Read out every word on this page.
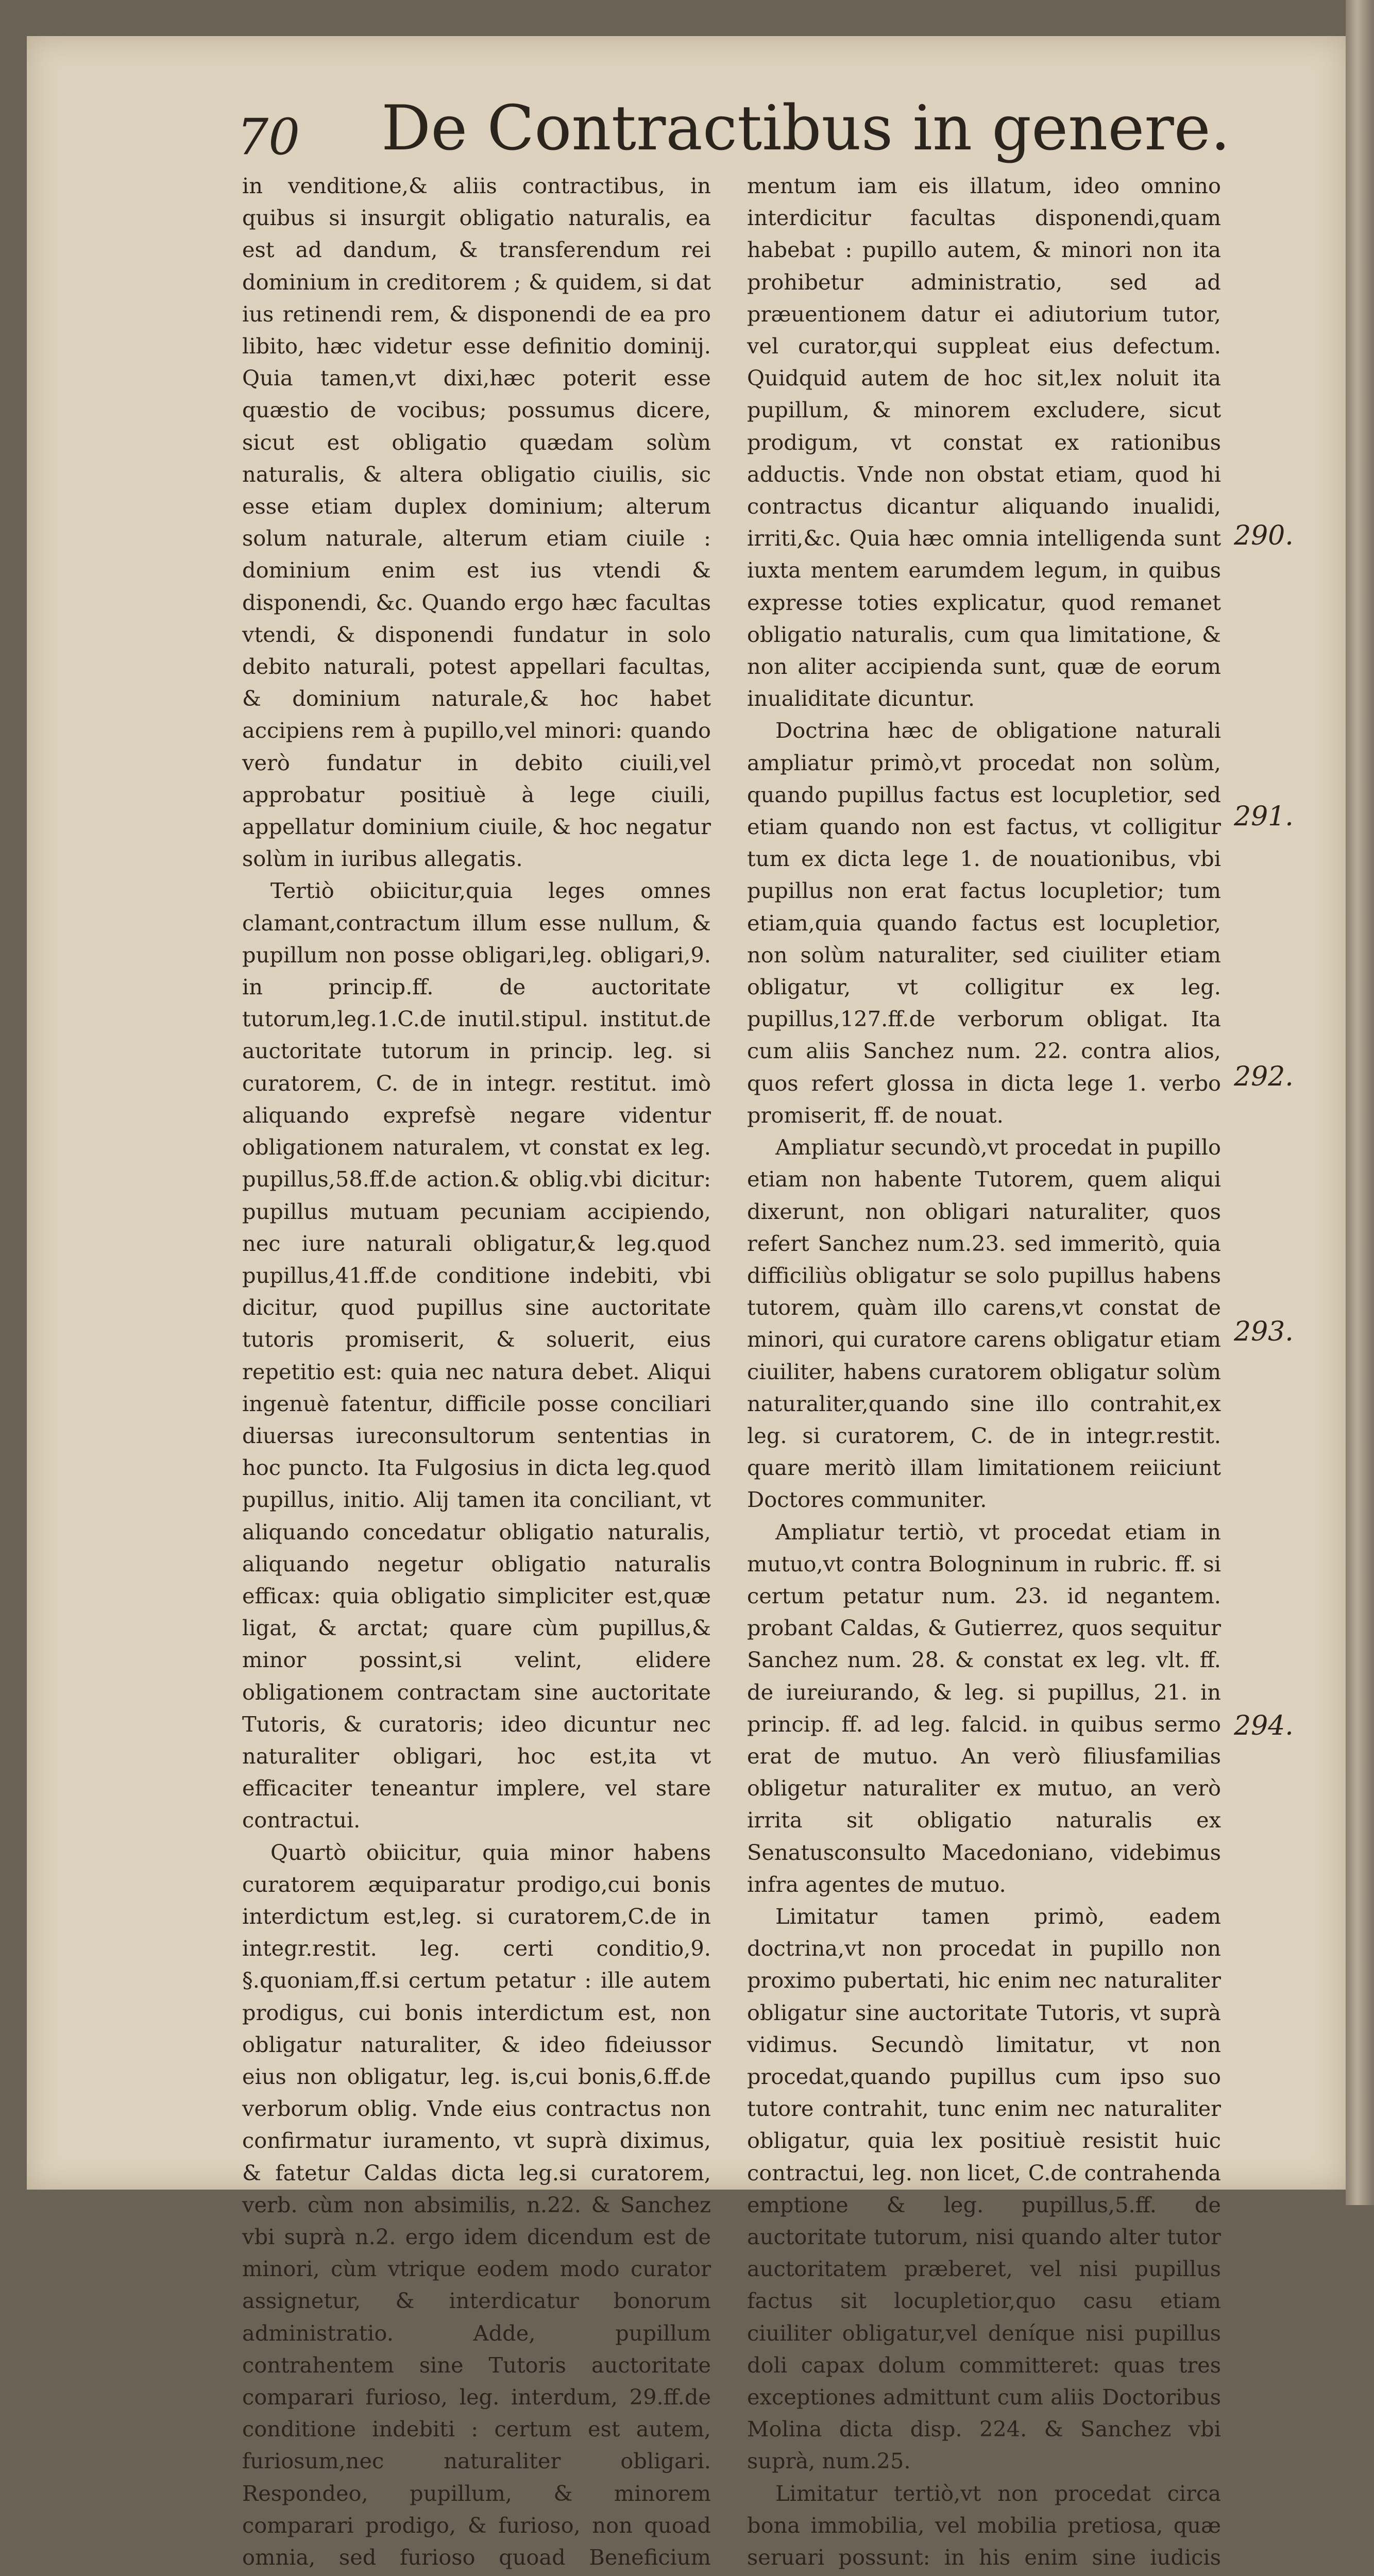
70 De Contractibus in genere.

in venditione,& aliis contractibus, in quibus si insurgit obligatio naturalis, ea est ad dandum, & transferendum rei dominium in creditorem ; & quidem, si dat ius retinendi rem, & disponendi de ea pro libito, hæc videtur esse definitio dominij. Quia tamen,vt dixi,hæc poterit esse quæstio de vocibus; possumus dicere, sicut est obligatio quædam solùm naturalis, & altera obligatio ciuilis, sic esse etiam duplex dominium; alterum solum naturale, alterum etiam ciuile : dominium enim est ius vtendi & disponendi, &c. Quando ergo hæc facultas vtendi, & disponendi fundatur in solo debito naturali, potest appellari facultas, & dominium naturale,& hoc habet accipiens rem à pupillo,vel minori: quando verò fundatur in debito ciuili,vel approbatur positiuè à lege ciuili, appellatur dominium ciuile, & hoc negatur solùm in iuribus allegatis.

Tertiò obiicitur,quia leges omnes clamant,contractum illum esse nullum, & pupillum non posse obligari,leg. obligari,9. in princip.ff. de auctoritate tutorum,leg.1.C.de inutil.stipul. institut.de auctoritate tutorum in princip. leg. si curatorem, C. de in integr. restitut. imò aliquando exprefsè negare videntur obligationem naturalem, vt constat ex leg. pupillus,58.ff.de action.& oblig.vbi dicitur: pupillus mutuam pecuniam accipiendo, nec iure naturali obligatur,& leg.quod pupillus,41.ff.de conditione indebiti, vbi dicitur, quod pupillus sine auctoritate tutoris promiserit, & soluerit, eius repetitio est: quia nec natura debet. Aliqui ingenuè fatentur, difficile posse conciliari diuersas iureconsultorum sententias in hoc puncto. Ita Fulgosius in dicta leg.quod pupillus, initio. Alij tamen ita conciliant, vt aliquando concedatur obligatio naturalis, aliquando negetur obligatio naturalis efficax: quia obligatio simpliciter est,quæ ligat, & arctat; quare cùm pupillus,& minor possint,si velint, elidere obligationem contractam sine auctoritate Tutoris, & curatoris; ideo dicuntur nec naturaliter obligari, hoc est,ita vt efficaciter teneantur implere, vel stare contractui.

Quartò obiicitur, quia minor habens curatorem æquiparatur prodigo,cui bonis interdictum est,leg. si curatorem,C.de in integr.restit. leg. certi conditio,9. §.quoniam,ff.si certum petatur : ille autem prodigus, cui bonis interdictum est, non obligatur naturaliter, & ideo fideiussor eius non obligatur, leg. is,cui bonis,6.ff.de verborum oblig. Vnde eius contractus non confirmatur iuramento, vt suprà diximus, & fatetur Caldas dicta leg.si curatorem, verb. cùm non absimilis, n.22. & Sanchez vbi suprà n.2. ergo idem dicendum est de minori, cùm vtrique eodem modo curator assignetur, & interdicatur bonorum administratio. Adde, pupillum contrahentem sine Tutoris auctoritate comparari furioso, leg. interdum, 29.ff.de conditione indebiti : certum est autem, furiosum,nec naturaliter obligari. Respondeo, pupillum, & minorem comparari prodigo, & furioso, non quoad omnia, sed furioso quoad Beneficium

mentum iam eis illatum, ideo omnino interdicitur facultas disponendi,quam habebat : pupillo autem, & minori non ita prohibetur administratio, sed ad præuentionem datur ei adiutorium tutor, vel curator,qui suppleat eius defectum. Quidquid autem de hoc sit,lex noluit ita pupillum, & minorem excludere, sicut prodigum, vt constat ex rationibus adductis. Vnde non obstat etiam, quod hi contractus dicantur aliquando inualidi, irriti,&c. Quia hæc omnia intelligenda sunt iuxta mentem earumdem legum, in quibus expresse toties explicatur, quod remanet obligatio naturalis, cum qua limitatione, & non aliter accipienda sunt, quæ de eorum inualiditate dicuntur.

Doctrina hæc de obligatione naturali ampliatur primò,vt procedat non solùm, quando pupillus factus est locupletior, sed etiam quando non est factus, vt colligitur tum ex dicta lege 1. de nouationibus, vbi pupillus non erat factus locupletior; tum etiam,quia quando factus est locupletior, non solùm naturaliter, sed ciuiliter etiam obligatur, vt colligitur ex leg. pupillus,127.ff.de verborum obligat. Ita cum aliis Sanchez num. 22. contra alios, quos refert glossa in dicta lege 1. verbo promiserit, ff. de nouat.

Ampliatur secundò,vt procedat in pupillo etiam non habente Tutorem, quem aliqui dixerunt, non obligari naturaliter, quos refert Sanchez num.23. sed immeritò, quia difficiliùs obligatur se solo pupillus habens tutorem, quàm illo carens,vt constat de minori, qui curatore carens obligatur etiam ciuiliter, habens curatorem obligatur solùm naturaliter,quando sine illo contrahit,ex leg. si curatorem, C. de in integr.restit. quare meritò illam limitationem reiiciunt Doctores communiter.

Ampliatur tertiò, vt procedat etiam in mutuo,vt contra Bologninum in rubric. ff. si certum petatur num. 23. id negantem. probant Caldas, & Gutierrez, quos sequitur Sanchez num. 28. & constat ex leg. vlt. ff. de iureiurando, & leg. si pupillus, 21. in princip. ff. ad leg. falcid. in quibus sermo erat de mutuo. An verò filiusfamilias obligetur naturaliter ex mutuo, an verò irrita sit obligatio naturalis ex Senatusconsulto Macedoniano, videbimus infra agentes de mutuo.

Limitatur tamen primò, eadem doctrina,vt non procedat in pupillo non proximo pubertati, hic enim nec naturaliter obligatur sine auctoritate Tutoris, vt suprà vidimus. Secundò limitatur, vt non procedat,quando pupillus cum ipso suo tutore contrahit, tunc enim nec naturaliter obligatur, quia lex positiuè resistit huic contractui, leg. non licet, C.de contrahenda emptione & leg. pupillus,5.ff. de auctoritate tutorum, nisi quando alter tutor auctoritatem præberet, vel nisi pupillus factus sit locupletior,quo casu etiam ciuiliter obligatur,vel deníque nisi pupillus doli capax dolum committeret: quas tres exceptiones admittunt cum aliis Doctoribus Molina dicta disp. 224. & Sanchez vbi suprà, num.25.

Limitatur tertiò,vt non procedat circa bona immobilia, vel mobilia pretiosa, quæ seruari possunt: in his enim sine iudicis

290.
291.
292.
293.
294.
